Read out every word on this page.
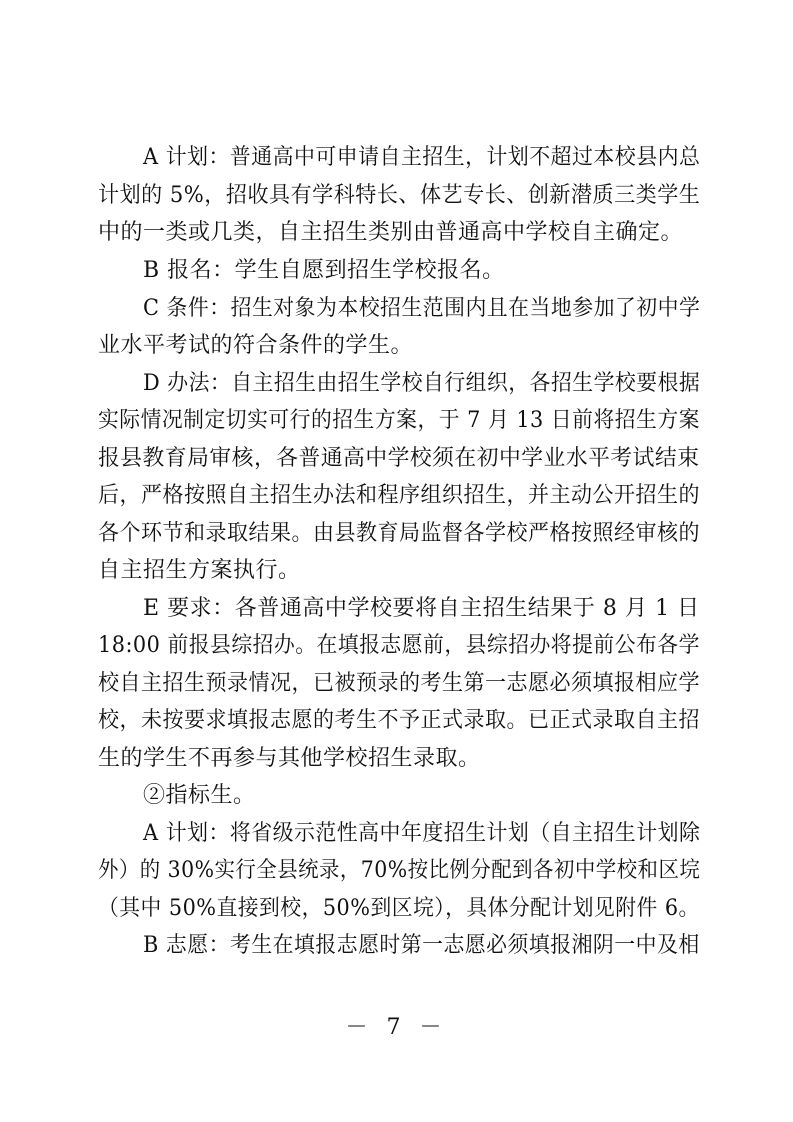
A 计划：普通高中可申请自主招生，计划不超过本校县内总
计划的 5%，招收具有学科特长、体艺专长、创新潜质三类学生
中的一类或几类，自主招生类别由普通高中学校自主确定。
B 报名：学生自愿到招生学校报名。
C 条件：招生对象为本校招生范围内且在当地参加了初中学
业水平考试的符合条件的学生。
D 办法：自主招生由招生学校自行组织，各招生学校要根据
实际情况制定切实可行的招生方案，于 7 月 13 日前将招生方案
报县教育局审核，各普通高中学校须在初中学业水平考试结束
后，严格按照自主招生办法和程序组织招生，并主动公开招生的
各个环节和录取结果。由县教育局监督各学校严格按照经审核的
自主招生方案执行。
E 要求：各普通高中学校要将自主招生结果于 8 月 1 日
18:00 前报县综招办。在填报志愿前，县综招办将提前公布各学
校自主招生预录情况，已被预录的考生第一志愿必须填报相应学
校，未按要求填报志愿的考生不予正式录取。已正式录取自主招
生的学生不再参与其他学校招生录取。
②指标生。
A 计划：将省级示范性高中年度招生计划（自主招生计划除
外）的 30%实行全县统录，70%按比例分配到各初中学校和区垸
（其中 50%直接到校，50%到区垸），具体分配计划见附件 6。
B 志愿：考生在填报志愿时第一志愿必须填报湘阴一中及相
－ 7 －
